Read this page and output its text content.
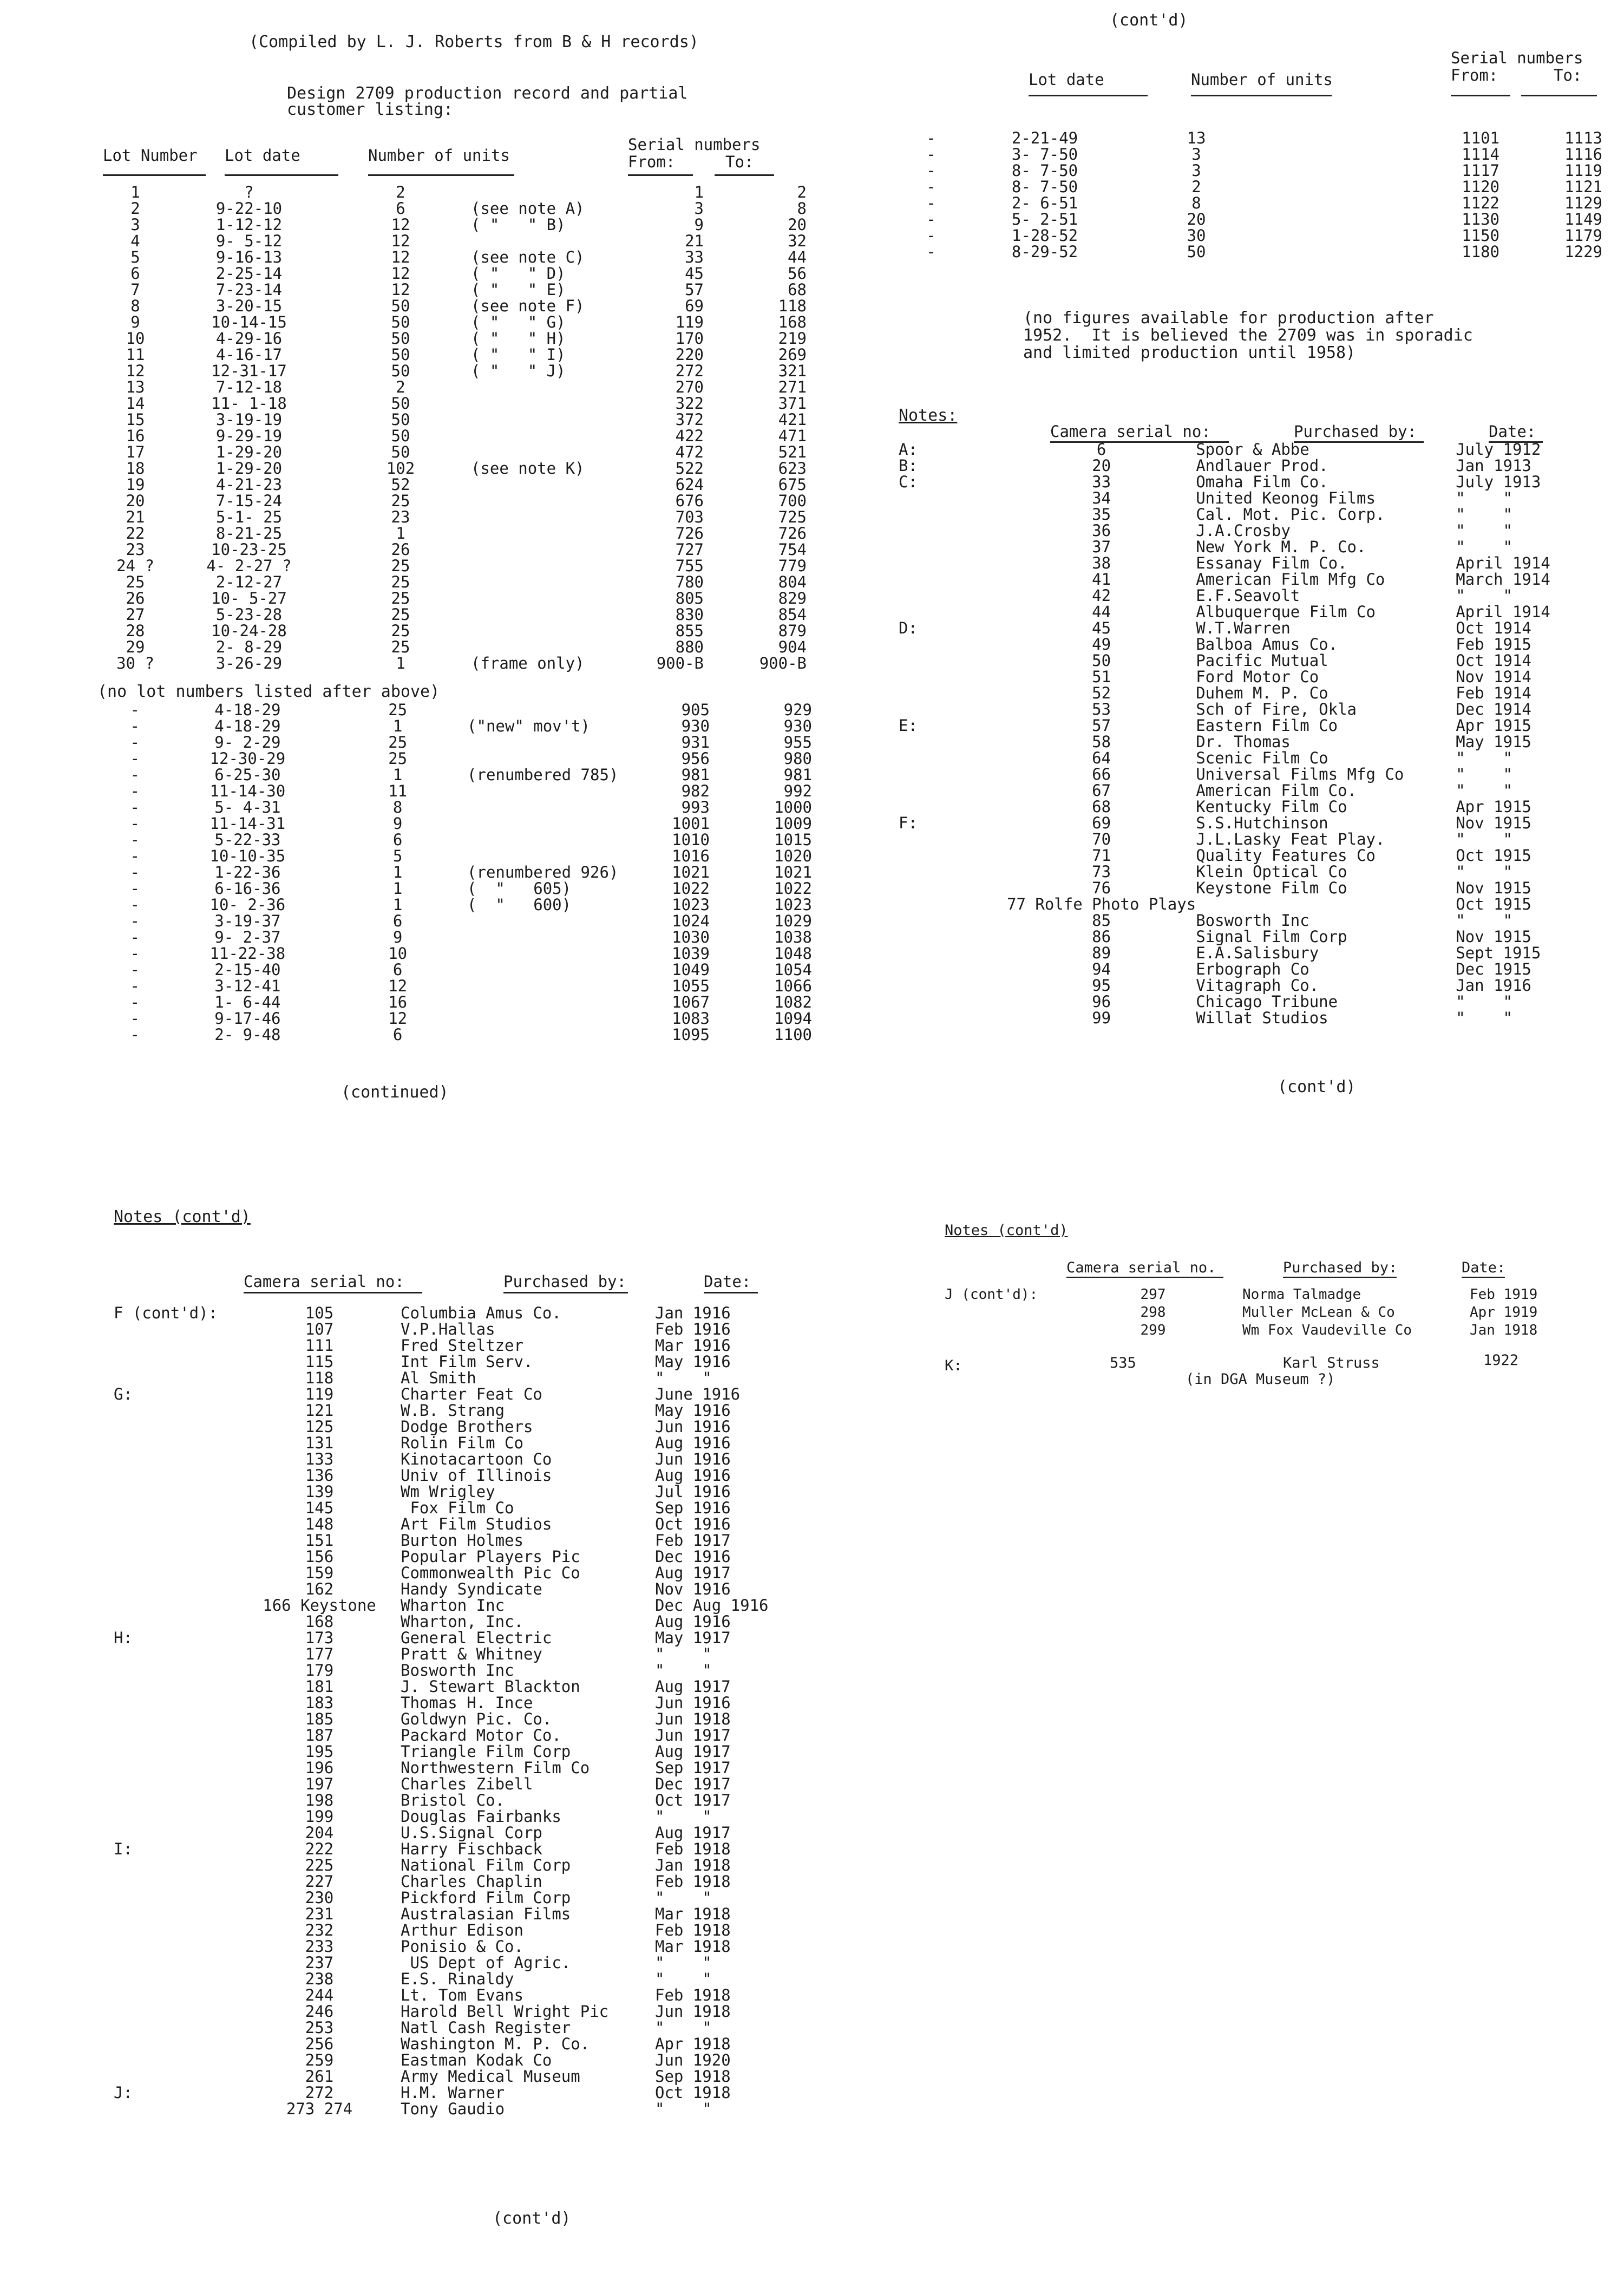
(Compiled by L. J. Roberts from B & H records)
Design 2709 production record and partial
customer listing:
Lot Number Lot date	Number of units
Serial numbers
From:	To:
1	?	2		1	2
2	9-22-10	6	(see note A)	3	8
3	1-12-12	12	( "   " B)	9	20
4	9- 5-12	12		21	32
5	9-16-13	12	(see note C)	33	44
6	2-25-14	12	( "   " D)	45	56
7	7-23-14	12	( "   " E)	57	68
8	3-20-15	50	(see note F)	69	118
9	10-14-15	50	( "   " G)	119	168
10	4-29-16	50	( "   " H)	170	219
11	4-16-17	50	( "   " I)	220	269
12	12-31-17	50	( "   " J)	272	321
13	7-12-18	2		270	271
14	11- 1-18	50		322	371
15	3-19-19	50		372	421
16	9-29-19	50		422	471
17	1-29-20	50		472	521
18	1-29-20	102	(see note K)	522	623
19	4-21-23	52		624	675
20	7-15-24	25		676	700
21	5-1- 25	23		703	725
22	8-21-25	1		726	726
23	10-23-25	26		727	754
24 ?	4- 2-27 ?	25		755	779
25	2-12-27	25		780	804
26	10- 5-27	25		805	829
27	5-23-28	25		830	854
28	10-24-28	25		855	879
29	2- 8-29	25		880	904
30 ?	3-26-29	1	(frame only)	900-B	900-B
(no lot numbers listed after above)
-	4-18-29	25		905	929
-	4-18-29	1	("new" mov't)	930	930
-	9- 2-29	25		931	955
-	12-30-29	25		956	980
-	6-25-30	1	(renumbered 785)	981	981
-	11-14-30	11		982	992
-	5- 4-31	8		993	1000
-	11-14-31	9		1001	1009
-	5-22-33	6		1010	1015
-	10-10-35	5		1016	1020
-	1-22-36	1	(renumbered 926)	1021	1021
-	6-16-36	1	(  "   605)	1022	1022
-	10- 2-36	1	(  "   600)	1023	1023
-	3-19-37	6		1024	1029
-	9- 2-37	9		1030	1038
-	11-22-38	10		1039	1048
-	2-15-40	6		1049	1054
-	3-12-41	12		1055	1066
-	1- 6-44	16		1067	1082
-	9-17-46	12		1083	1094
-	2- 9-48	6		1095	1100
(continued)
(cont'd)
Lot date	Number of units
Serial numbers
From:	To:
-	2-21-49	13		1101	1113
-	3- 7-50	3		1114	1116
-	8- 7-50	3		1117	1119
-	8- 7-50	2		1120	1121
-	2- 6-51	8		1122	1129
-	5- 2-51	20		1130	1149
-	1-28-52	30		1150	1179
-	8-29-52	50		1180	1229
(no figures available for production after
1952.  It is believed the 2709 was in sporadic
and limited production until 1958)
Notes:
Camera serial no:	Purchased by:	Date:
A:	6	Spoor & Abbe	July 1912
B:	20	Andlauer Prod.	Jan 1913
C:	33	Omaha Film Co.	July 1913
	34	United Keonog Films	"    "
	35	Cal. Mot. Pic. Corp.	"    "
	36	J.A.Crosby	"    "
	37	New York M. P. Co.	"    "
	38	Essanay Film Co.	April 1914
	41	American Film Mfg Co	March 1914
	42	E.F.Seavolt	"    "
	44	Albuquerque Film Co	April 1914
D:	45	W.T.Warren	Oct 1914
	49	Balboa Amus Co.	Feb 1915
	50	Pacific Mutual	Oct 1914
	51	Ford Motor Co	Nov 1914
	52	Duhem M. P. Co	Feb 1914
	53	Sch of Fire, Okla	Dec 1914
E:	57	Eastern Film Co	Apr 1915
	58	Dr. Thomas	May 1915
	64	Scenic Film Co	"    "
	66	Universal Films Mfg Co	"    "
	67	American Film Co.	"    "
	68	Kentucky Film Co	Apr 1915
F:	69	S.S.Hutchinson	Nov 1915
	70	J.L.Lasky Feat Play.	"    "
	71	Quality Features Co	Oct 1915
	73	Klein Optical Co	"    "
	76	Keystone Film Co	Nov 1915
	77 Rolfe Photo Plays		Oct 1915
	85	Bosworth Inc	"    "
	86	Signal Film Corp	Nov 1915
	89	E.A.Salisbury	Sept 1915
	94	Erbograph Co	Dec 1915
	95	Vitagraph Co.	Jan 1916
	96	Chicago Tribune	"    "
	99	Willat Studios	"    "
(cont'd)
Notes (cont'd)
Camera serial no:	Purchased by:	Date:
F (cont'd):	105	Columbia Amus Co.	Jan 1916
	107	V.P.Hallas	Feb 1916
	111	Fred Steltzer	Mar 1916
	115	Int Film Serv.	May 1916
	118	Al Smith	"    "
G:	119	Charter Feat Co	June 1916
	121	W.B. Strang	May 1916
	125	Dodge Brothers	Jun 1916
	131	Rolin Film Co	Aug 1916
	133	Kinotacartoon Co	Jun 1916
	136	Univ of Illinois	Aug 1916
	139	Wm Wrigley	Jul 1916
	145	Fox Film Co	Sep 1916
	148	Art Film Studios	Oct 1916
	151	Burton Holmes	Feb 1917
	156	Popular Players Pic	Dec 1916
	159	Commonwealth Pic Co	Aug 1917
	162	Handy Syndicate	Nov 1916
	166 Keystone	Wharton Inc	Dec Aug 1916
	168	Wharton, Inc.	Aug 1916
H:	173	General Electric	May 1917
	177	Pratt & Whitney	"    "
	179	Bosworth Inc	"    "
	181	J. Stewart Blackton	Aug 1917
	183	Thomas H. Ince	Jun 1916
	185	Goldwyn Pic. Co.	Jun 1918
	187	Packard Motor Co.	Jun 1917
	195	Triangle Film Corp	Aug 1917
	196	Northwestern Film Co	Sep 1917
	197	Charles Zibell	Dec 1917
	198	Bristol Co.	Oct 1917
	199	Douglas Fairbanks	"    "
	204	U.S.Signal Corp	Aug 1917
I:	222	Harry Fischback	Feb 1918
	225	National Film Corp	Jan 1918
	227	Charles Chaplin	Feb 1918
	230	Pickford Film Corp	"    "
	231	Australasian Films	Mar 1918
	232	Arthur Edison	Feb 1918
	233	Ponisio & Co.	Mar 1918
	237	US Dept of Agric.	"    "
	238	E.S. Rinaldy	"    "
	244	Lt. Tom Evans	Feb 1918
	246	Harold Bell Wright Pic	Jun 1918
	253	Natl Cash Register	"    "
	256	Washington M. P. Co.	Apr 1918
	259	Eastman Kodak Co	Jun 1920
	261	Army Medical Museum	Sep 1918
J:	272	H.M. Warner	Oct 1918
	273 274	Tony Gaudio	"    "
(cont'd)
Notes (cont'd)
Camera serial no.	Purchased by:	Date:
J (cont'd):	297	Norma Talmadge	Feb 1919
	298	Muller McLean & Co	Apr 1919
	299	Wm Fox Vaudeville Co	Jan 1918
K:	535	Karl Struss	1922
(in DGA Museum ?)
